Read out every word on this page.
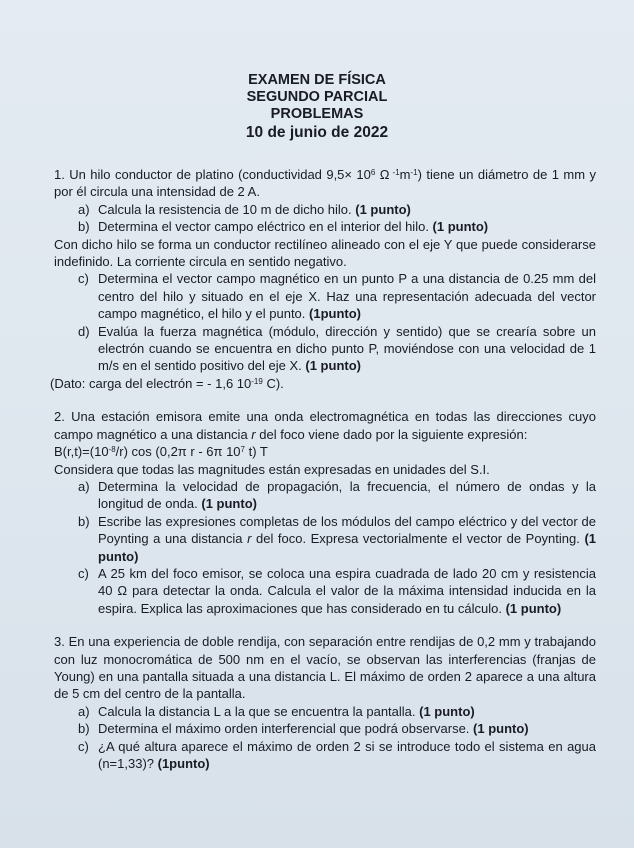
EXAMEN DE FÍSICA
SEGUNDO PARCIAL
PROBLEMAS
10 de junio de 2022

1. Un hilo conductor de platino (conductividad $9,5\times 10^6$ Ω $^{-1}m^{-1}$) tiene un diámetro de 1 mm y por él circula una intensidad de 2 A.

a) Calcula la resistencia de 10 m de dicho hilo. (1 punto)
b) Determina el vector campo eléctrico en el interior del hilo. (1 punto)

Con dicho hilo se forma un conductor rectilíneo alineado con el eje Y que puede considerarse indefinido. La corriente circula en sentido negativo.

c) Determina el vector campo magnético en un punto P a una distancia de 0.25 mm del centro del hilo y situado en el eje X. Haz una representación adecuada del vector campo magnético, el hilo y el punto. (1punto)
d) Evalúa la fuerza magnética (módulo, dirección y sentido) que se crearía sobre un electrón cuando se encuentra en dicho punto P, moviéndose con una velocidad de 1 m/s en el sentido positivo del eje X. (1 punto)

(Dato: carga del electrón = - 1,6 $10^{-19}$ C).

2. Una estación emisora emite una onda electromagnética en todas las direcciones cuyo campo magnético a una distancia r del foco viene dado por la siguiente expresión:

$B(r,t)=(10^{-8}/r)$ cos (0,2π r - 6π $10^7$ t) T

Considera que todas las magnitudes están expresadas en unidades del S.I.

a) Determina la velocidad de propagación, la frecuencia, el número de ondas y la longitud de onda. (1 punto)
b) Escribe las expresiones completas de los módulos del campo eléctrico y del vector de Poynting a una distancia r del foco. Expresa vectorialmente el vector de Poynting. (1 punto)
c) A 25 km del foco emisor, se coloca una espira cuadrada de lado 20 cm y resistencia 40 Ω para detectar la onda. Calcula el valor de la máxima intensidad inducida en la espira. Explica las aproximaciones que has considerado en tu cálculo. (1 punto)

3. En una experiencia de doble rendija, con separación entre rendijas de 0,2 mm y trabajando con luz monocromática de 500 nm en el vacío, se observan las interferencias (franjas de Young) en una pantalla situada a una distancia L. El máximo de orden 2 aparece a una altura de 5 cm del centro de la pantalla.

a) Calcula la distancia L a la que se encuentra la pantalla. (1 punto)
b) Determina el máximo orden interferencial que podrá observarse. (1 punto)
c) ¿A qué altura aparece el máximo de orden 2 si se introduce todo el sistema en agua (n=1,33)? (1punto)
